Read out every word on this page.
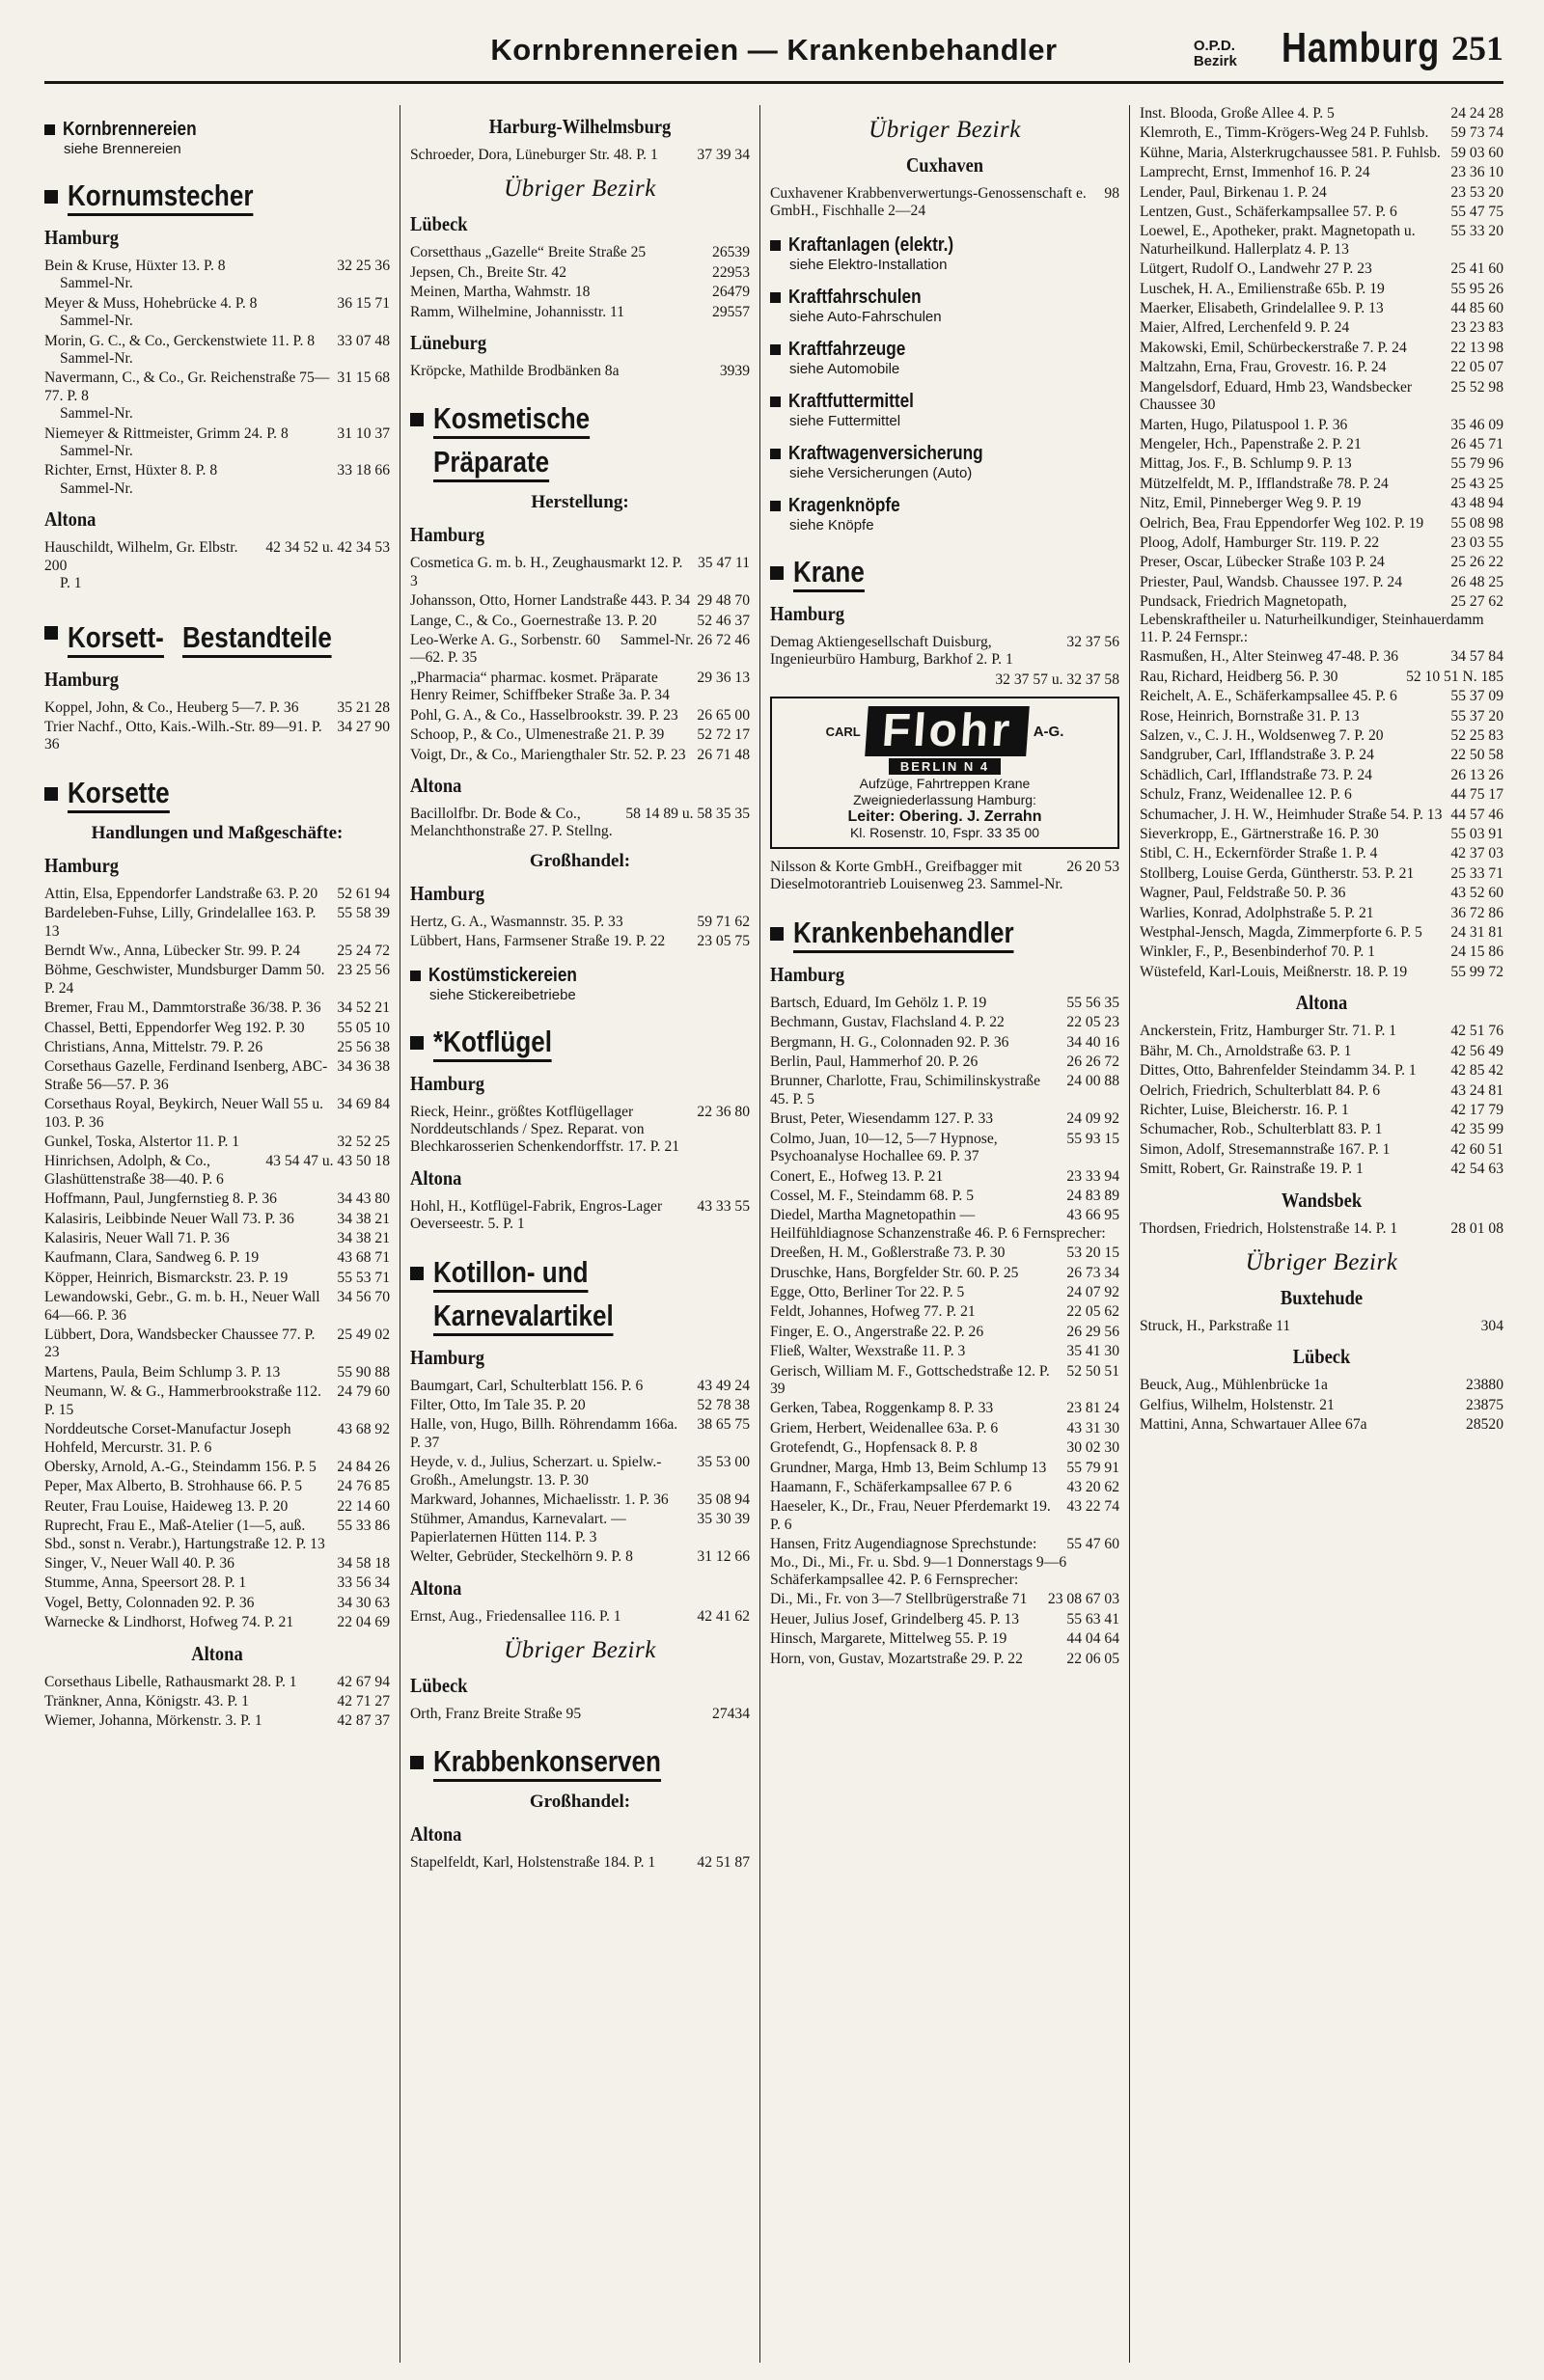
Kornbrennereien — Krankenbehandler	O.P.D.
Bezirk Hamburg 251
Kornbrennereien
siehe Brennereien
Kornumstecher
Hamburg
32 25 36
Bein & Kruse, Hüxter 13. P. 8
Sammel-Nr.
36 15 71
Meyer & Muss, Hohebrücke 4. P. 8
Sammel-Nr.
33 07 48
Morin, G. C., & Co., Gerckenstwiete 11. P. 8
Sammel-Nr.
31 15 68
Navermann, C., & Co., Gr. Reichenstraße 75—77. P. 8
Sammel-Nr.
31 10 37
Niemeyer & Rittmeister, Grimm 24. P. 8
Sammel-Nr.
33 18 66
Richter, Ernst, Hüxter 8. P. 8
Sammel-Nr.
Altona
42 34 52 u. 42 34 53
Hauschildt, Wilhelm, Gr. Elbstr. 200
P. 1
Korsett- Bestandteile
Hamburg
35 21 28
Koppel, John, & Co., Heuberg 5—7. P. 36
34 27 90
Trier Nachf., Otto, Kais.-Wilh.-Str. 89—91. P. 36
Korsette
Handlungen und Maßgeschäfte:
Hamburg
52 61 94
Attin, Elsa, Eppendorfer Landstraße 63. P. 20
55 58 39
Bardeleben-Fuhse, Lilly, Grindelallee 163. P. 13
25 24 72
Berndt Ww., Anna, Lübecker Str. 99. P. 24
23 25 56
Böhme, Geschwister, Mundsburger Damm 50. P. 24
34 52 21
Bremer, Frau M., Dammtorstraße 36/38. P. 36
55 05 10
Chassel, Betti, Eppendorfer Weg 192. P. 30
25 56 38
Christians, Anna, Mittelstr. 79. P. 26
34 36 38
Corsethaus Gazelle, Ferdinand Isenberg, ABC-Straße 56—57. P. 36
34 69 84
Corsethaus Royal, Beykirch, Neuer Wall 55 u. 103. P. 36
32 52 25
Gunkel, Toska, Alstertor 11. P. 1
43 54 47 u. 43 50 18
Hinrichsen, Adolph, & Co., Glashüttenstraße 38—40. P. 6
34 43 80
Hoffmann, Paul, Jungfernstieg 8. P. 36
34 38 21
Kalasiris, Leibbinde Neuer Wall 73. P. 36
34 38 21
Kalasiris, Neuer Wall 71. P. 36
43 68 71
Kaufmann, Clara, Sandweg 6. P. 19
55 53 71
Köpper, Heinrich, Bismarckstr. 23. P. 19
34 56 70
Lewandowski, Gebr., G. m. b. H., Neuer Wall 64—66. P. 36
25 49 02
Lübbert, Dora, Wandsbecker Chaussee 77. P. 23
55 90 88
Martens, Paula, Beim Schlump 3. P. 13
24 79 60
Neumann, W. & G., Hammerbrookstraße 112. P. 15
43 68 92
Norddeutsche Corset-Manufactur Joseph Hohfeld, Mercurstr. 31. P. 6
24 84 26
Obersky, Arnold, A.-G., Steindamm 156. P. 5
24 76 85
Peper, Max Alberto, B. Strohhause 66. P. 5
22 14 60
Reuter, Frau Louise, Haideweg 13. P. 20
55 33 86
Ruprecht, Frau E., Maß-Atelier (1—5, auß. Sbd., sonst n. Verabr.), Hartungstraße 12. P. 13
34 58 18
Singer, V., Neuer Wall 40. P. 36
33 56 34
Stumme, Anna, Speersort 28. P. 1
34 30 63
Vogel, Betty, Colonnaden 92. P. 36
22 04 69
Warnecke & Lindhorst, Hofweg 74. P. 21
Altona
42 67 94
Corsethaus Libelle, Rathausmarkt 28. P. 1
42 71 27
Tränkner, Anna, Königstr. 43. P. 1
42 87 37
Wiemer, Johanna, Mörkenstr. 3. P. 1
Harburg-Wilhelmsburg
37 39 34
Schroeder, Dora, Lüneburger Str. 48. P. 1
Übriger Bezirk
Lübeck
26539
Corsetthaus „Gazelle“ Breite Straße 25
22953
Jepsen, Ch., Breite Str. 42
26479
Meinen, Martha, Wahmstr. 18
29557
Ramm, Wilhelmine, Johannisstr. 11
Lüneburg
3939
Kröpcke, Mathilde Brodbänken 8a
KosmetischePräparate
Herstellung:
Hamburg
35 47 11
Cosmetica G. m. b. H., Zeughausmarkt 12. P. 3
29 48 70
Johansson, Otto, Horner Landstraße 443. P. 34
52 46 37
Lange, C., & Co., Goernestraße 13. P. 20
Sammel-Nr. 26 72 46
Leo-Werke A. G., Sorbenstr. 60—62. P. 35
29 36 13
„Pharmacia“ pharmac. kosmet. Präparate Henry Reimer, Schiffbeker Straße 3a. P. 34
26 65 00
Pohl, G. A., & Co., Hasselbrookstr. 39. P. 23
52 72 17
Schoop, P., & Co., Ulmenestraße 21. P. 39
26 71 48
Voigt, Dr., & Co., Mariengthaler Str. 52. P. 23
Altona
58 14 89 u. 58 35 35
Bacillolfbr. Dr. Bode & Co., Melanchthonstraße 27. P. Stellng.
Großhandel:
Hamburg
59 71 62
Hertz, G. A., Wasmannstr. 35. P. 33
23 05 75
Lübbert, Hans, Farmsener Straße 19. P. 22
Kostümstickereien
siehe Stickereibetriebe
*Kotflügel
Hamburg
22 36 80
Rieck, Heinr., größtes Kotflügellager Norddeutschlands / Spez. Reparat. von Blechkarosserien Schenkendorffstr. 17. P. 21
Altona
43 33 55
Hohl, H., Kotflügel-Fabrik, Engros-Lager Oeverseestr. 5. P. 1
Kotillon- undKarnevalartikel
Hamburg
43 49 24
Baumgart, Carl, Schulterblatt 156. P. 6
52 78 38
Filter, Otto, Im Tale 35. P. 20
38 65 75
Halle, von, Hugo, Billh. Röhrendamm 166a. P. 37
35 53 00
Heyde, v. d., Julius, Scherzart. u. Spielw.-Großh., Amelungstr. 13. P. 30
35 08 94
Markward, Johannes, Michaelisstr. 1. P. 36
35 30 39
Stühmer, Amandus, Karnevalart. — Papierlaternen Hütten 114. P. 3
31 12 66
Welter, Gebrüder, Steckelhörn 9. P. 8
Altona
42 41 62
Ernst, Aug., Friedensallee 116. P. 1
Übriger Bezirk
Lübeck
27434
Orth, Franz Breite Straße 95
Krabbenkonserven
Großhandel:
Altona
42 51 87
Stapelfeldt, Karl, Holstenstraße 184. P. 1
Übriger Bezirk
Cuxhaven
98
Cuxhavener Krabbenverwertungs-Genossenschaft e. GmbH., Fischhalle 2—24
Kraftanlagen (elektr.)
siehe Elektro-Installation
Kraftfahrschulen
siehe Auto-Fahrschulen
Kraftfahrzeuge
siehe Automobile
Kraftfuttermittel
siehe Futtermittel
Kraftwagenversicherung
siehe Versicherungen (Auto)
Kragenknöpfe
siehe Knöpfe
Krane
Hamburg
32 37 56
Demag Aktiengesellschaft Duisburg, Ingenieurbüro Hamburg, Barkhof 2. P. 1
32 37 57 u. 32 37 58
CARL Flohr	A-G.
BERLIN N 4
Aufzüge, Fahrtreppen Krane
Zweigniederlassung Hamburg:
Leiter: Obering. J. Zerrahn
Kl. Rosenstr. 10, Fspr. 33 35 00
26 20 53
Nilsson & Korte GmbH., Greifbagger mit Dieselmotorantrieb Louisenweg 23. Sammel-Nr.
Krankenbehandler
Hamburg
55 56 35
Bartsch, Eduard, Im Gehölz 1. P. 19
22 05 23
Bechmann, Gustav, Flachsland 4. P. 22
34 40 16
Bergmann, H. G., Colonnaden 92. P. 36
26 26 72
Berlin, Paul, Hammerhof 20. P. 26
24 00 88
Brunner, Charlotte, Frau, Schimilinskystraße 45. P. 5
24 09 92
Brust, Peter, Wiesendamm 127. P. 33
55 93 15
Colmo, Juan, 10—12, 5—7 Hypnose, Psychoanalyse Hochallee 69. P. 37
23 33 94
Conert, E., Hofweg 13. P. 21
24 83 89
Cossel, M. F., Steindamm 68. P. 5
43 66 95
Diedel, Martha Magnetopathin — Heilfühldiagnose Schanzenstraße 46. P. 6 Fernsprecher:
53 20 15
Dreeßen, H. M., Goßlerstraße 73. P. 30
26 73 34
Druschke, Hans, Borgfelder Str. 60. P. 25
24 07 92
Egge, Otto, Berliner Tor 22. P. 5
22 05 62
Feldt, Johannes, Hofweg 77. P. 21
26 29 56
Finger, E. O., Angerstraße 22. P. 26
35 41 30
Fließ, Walter, Wexstraße 11. P. 3
52 50 51
Gerisch, William M. F., Gottschedstraße 12. P. 39
23 81 24
Gerken, Tabea, Roggenkamp 8. P. 33
43 31 30
Griem, Herbert, Weidenallee 63a. P. 6
30 02 30
Grotefendt, G., Hopfensack 8. P. 8
55 79 91
Grundner, Marga, Hmb 13, Beim Schlump 13
43 20 62
Haamann, F., Schäferkampsallee 67 P. 6
43 22 74
Haeseler, K., Dr., Frau, Neuer Pferdemarkt 19. P. 6
55 47 60
Hansen, Fritz Augendiagnose Sprechstunde: Mo., Di., Mi., Fr. u. Sbd. 9—1 Donnerstags 9—6 Schäferkampsallee 42. P. 6 Fernsprecher:
23 08 67 03
Di., Mi., Fr. von 3—7 Stellbrügerstraße 71
55 63 41
Heuer, Julius Josef, Grindelberg 45. P. 13
44 04 64
Hinsch, Margarete, Mittelweg 55. P. 19
22 06 05
Horn, von, Gustav, Mozartstraße 29. P. 22
24 24 28
Inst. Blooda, Große Allee 4. P. 5
59 73 74
Klemroth, E., Timm-Krögers-Weg 24 P. Fuhlsb.
59 03 60
Kühne, Maria, Alsterkrugchaussee 581. P. Fuhlsb.
23 36 10
Lamprecht, Ernst, Immenhof 16. P. 24
23 53 20
Lender, Paul, Birkenau 1. P. 24
55 47 75
Lentzen, Gust., Schäferkampsallee 57. P. 6
55 33 20
Loewel, E., Apotheker, prakt. Magnetopath u. Naturheilkund. Hallerplatz 4. P. 13
25 41 60
Lütgert, Rudolf O., Landwehr 27 P. 23
55 95 26
Luschek, H. A., Emilienstraße 65b. P. 19
44 85 60
Maerker, Elisabeth, Grindelallee 9. P. 13
23 23 83
Maier, Alfred, Lerchenfeld 9. P. 24
22 13 98
Makowski, Emil, Schürbeckerstraße 7. P. 24
22 05 07
Maltzahn, Erna, Frau, Grovestr. 16. P. 24
25 52 98
Mangelsdorf, Eduard, Hmb 23, Wandsbecker Chaussee 30
35 46 09
Marten, Hugo, Pilatuspool 1. P. 36
26 45 71
Mengeler, Hch., Papenstraße 2. P. 21
55 79 96
Mittag, Jos. F., B. Schlump 9. P. 13
25 43 25
Mützelfeldt, M. P., Ifflandstraße 78. P. 24
43 48 94
Nitz, Emil, Pinneberger Weg 9. P. 19
55 08 98
Oelrich, Bea, Frau Eppendorfer Weg 102. P. 19
23 03 55
Ploog, Adolf, Hamburger Str. 119. P. 22
25 26 22
Preser, Oscar, Lübecker Straße 103 P. 24
26 48 25
Priester, Paul, Wandsb. Chaussee 197. P. 24
25 27 62
Pundsack, Friedrich Magnetopath, Lebenskraftheiler u. Naturheilkundiger, Steinhauerdamm 11. P. 24 Fernspr.:
34 57 84
Rasmußen, H., Alter Steinweg 47-48. P. 36
52 10 51 N. 185
Rau, Richard, Heidberg 56. P. 30
55 37 09
Reichelt, A. E., Schäferkampsallee 45. P. 6
55 37 20
Rose, Heinrich, Bornstraße 31. P. 13
52 25 83
Salzen, v., C. J. H., Woldsenweg 7. P. 20
22 50 58
Sandgruber, Carl, Ifflandstraße 3. P. 24
26 13 26
Schädlich, Carl, Ifflandstraße 73. P. 24
44 75 17
Schulz, Franz, Weidenallee 12. P. 6
44 57 46
Schumacher, J. H. W., Heimhuder Straße 54. P. 13
55 03 91
Sieverkropp, E., Gärtnerstraße 16. P. 30
42 37 03
Stibl, C. H., Eckernförder Straße 1. P. 4
25 33 71
Stollberg, Louise Gerda, Güntherstr. 53. P. 21
43 52 60
Wagner, Paul, Feldstraße 50. P. 36
36 72 86
Warlies, Konrad, Adolphstraße 5. P. 21
24 31 81
Westphal-Jensch, Magda, Zimmerpforte 6. P. 5
24 15 86
Winkler, F., P., Besenbinderhof 70. P. 1
55 99 72
Wüstefeld, Karl-Louis, Meißnerstr. 18. P. 19
Altona
42 51 76
Anckerstein, Fritz, Hamburger Str. 71. P. 1
42 56 49
Bähr, M. Ch., Arnoldstraße 63. P. 1
42 85 42
Dittes, Otto, Bahrenfelder Steindamm 34. P. 1
43 24 81
Oelrich, Friedrich, Schulterblatt 84. P. 6
42 17 79
Richter, Luise, Bleicherstr. 16. P. 1
42 35 99
Schumacher, Rob., Schulterblatt 83. P. 1
42 60 51
Simon, Adolf, Stresemannstraße 167. P. 1
42 54 63
Smitt, Robert, Gr. Rainstraße 19. P. 1
Wandsbek
28 01 08
Thordsen, Friedrich, Holstenstraße 14. P. 1
Übriger Bezirk
Buxtehude
304
Struck, H., Parkstraße 11
Lübeck
23880
Beuck, Aug., Mühlenbrücke 1a
23875
Gelfius, Wilhelm, Holstenstr. 21
28520
Mattini, Anna, Schwartauer Allee 67a
